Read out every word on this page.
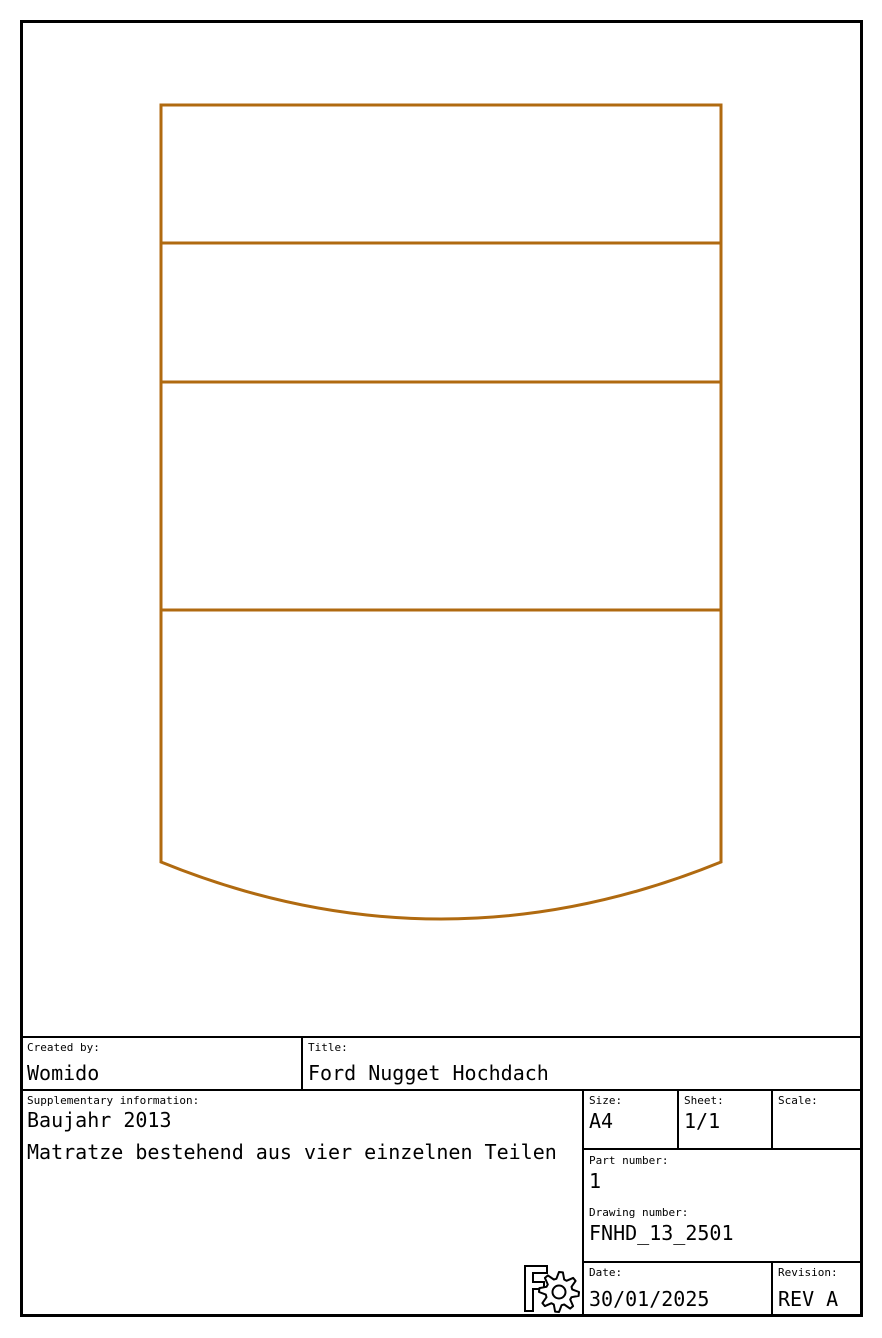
Created by:
Womido
Title:
Ford Nugget Hochdach
Supplementary information:
Baujahr 2013
Matratze bestehend aus vier einzelnen Teilen
Size:
A4
Sheet:
1/1
Scale:
Part number:
1
Drawing number:
FNHD_13_2501
Date:
30/01/2025
Revision:
REV A
